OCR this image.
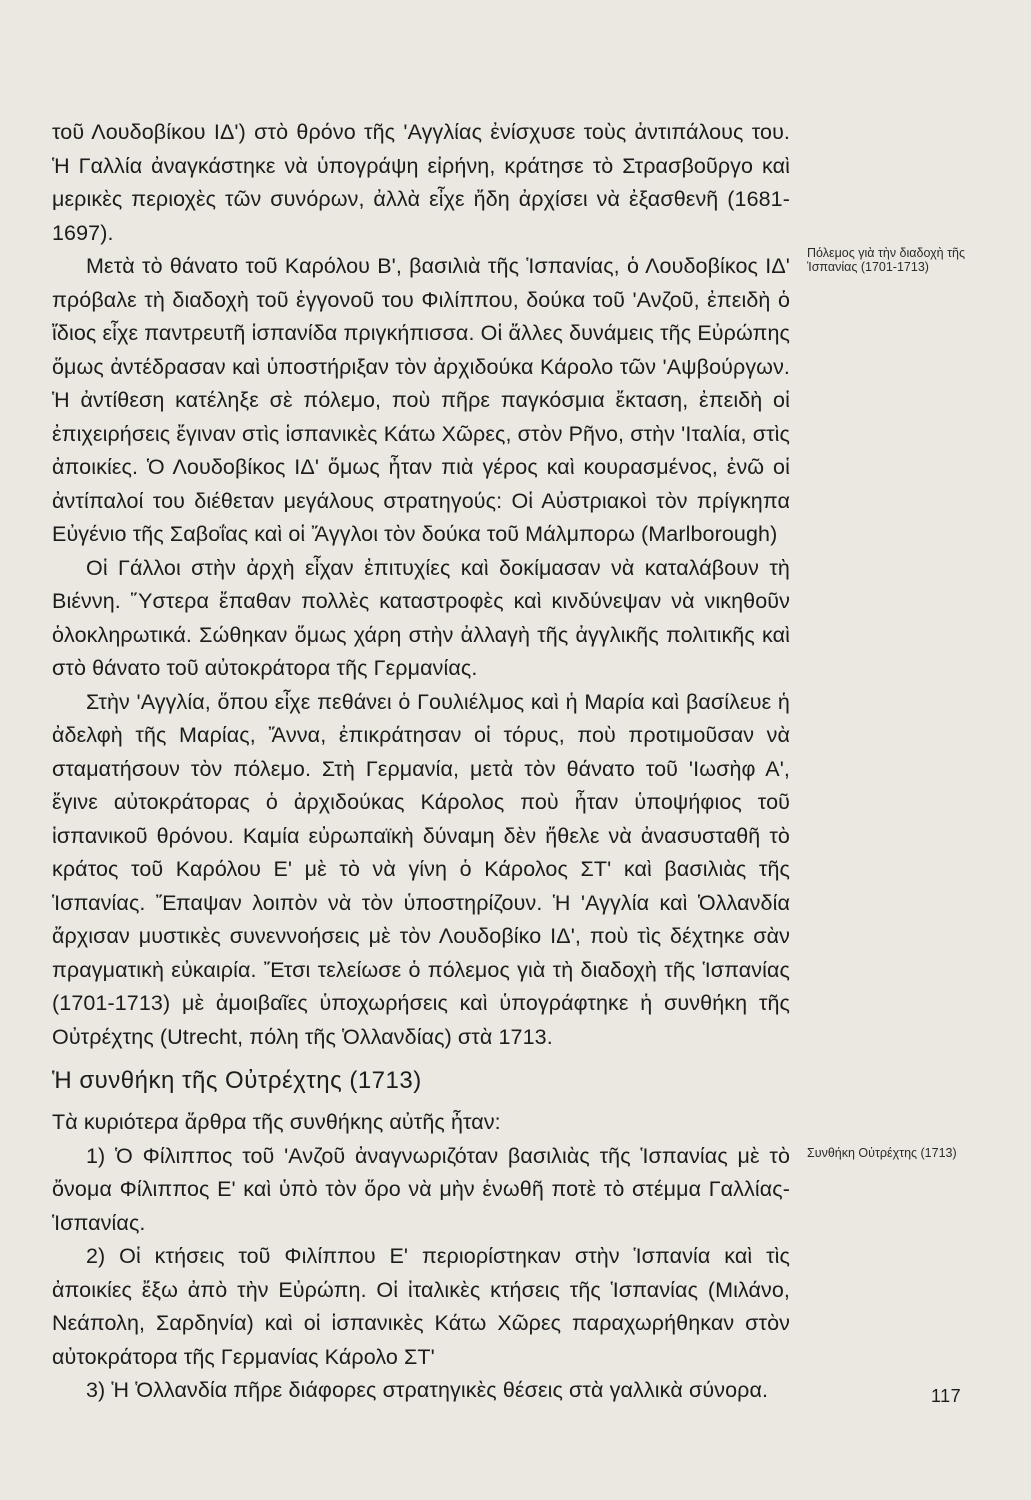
τοῦ Λουδοβίκου ΙΔ') στὸ θρόνο τῆς 'Αγγλίας ἐνίσχυσε τοὺς ἀντιπάλους του. Ἡ Γαλλία ἀναγκάστηκε νὰ ὑπογράψη εἰρήνη, κράτησε τὸ Στρασβοῦργο καὶ μερικὲς περιοχὲς τῶν συνόρων, ἀλλὰ εἶχε ἤδη ἀρχίσει νὰ ἐξασθενῆ (1681-1697).

Μετὰ τὸ θάνατο τοῦ Καρόλου Β', βασιλιὰ τῆς Ἱσπανίας, ὁ Λουδοβίκος ΙΔ' πρόβαλε τὴ διαδοχὴ τοῦ ἐγγονοῦ του Φιλίππου, δούκα τοῦ 'Ανζοῦ, ἐπειδὴ ὁ ἴδιος εἶχε παντρευτῆ ἱσπανίδα πριγκήπισσα. Οἱ ἄλλες δυνάμεις τῆς Εὐρώπης ὅμως ἀντέδρασαν καὶ ὑποστήριξαν τὸν ἀρχιδούκα Κάρολο τῶν 'Αψβούργων. Ἡ ἀντίθεση κατέληξε σὲ πόλεμο, ποὺ πῆρε παγκόσμια ἔκταση, ἐπειδὴ οἱ ἐπιχειρήσεις ἔγιναν στὶς ἱσπανικὲς Κάτω Χῶρες, στὸν Ρῆνο, στὴν 'Ιταλία, στὶς ἀποικίες. Ὁ Λουδοβίκος ΙΔ' ὅμως ἦταν πιὰ γέρος καὶ κουρασμένος, ἐνῶ οἱ ἀντίπαλοί του διέθεταν μεγάλους στρατηγούς: Οἱ Αὐστριακοὶ τὸν πρίγκηπα Εὐγένιο τῆς Σαβοΐας καὶ οἱ Ἄγγλοι τὸν δούκα τοῦ Μάλμπορω (Marlborough)

Οἱ Γάλλοι στὴν ἀρχὴ εἶχαν ἐπιτυχίες καὶ δοκίμασαν νὰ καταλάβουν τὴ Βιέννη. Ὕστερα ἔπαθαν πολλὲς καταστροφὲς καὶ κινδύνεψαν νὰ νικηθοῦν ὁλοκληρωτικά. Σώθηκαν ὅμως χάρη στὴν ἀλλαγὴ τῆς ἀγγλικῆς πολιτικῆς καὶ στὸ θάνατο τοῦ αὐτοκράτορα τῆς Γερμανίας.

Στὴν 'Αγγλία, ὅπου εἶχε πεθάνει ὁ Γουλιέλμος καὶ ἡ Μαρία καὶ βασίλευε ἡ ἀδελφὴ τῆς Μαρίας, Ἄννα, ἐπικράτησαν οἱ τόρυς, ποὺ προτιμοῦσαν νὰ σταματήσουν τὸν πόλεμο. Στὴ Γερμανία, μετὰ τὸν θάνατο τοῦ 'Ιωσὴφ Α', ἔγινε αὐτοκράτορας ὁ ἀρχιδούκας Κάρολος ποὺ ἦταν ὑποψήφιος τοῦ ἱσπανικοῦ θρόνου. Καμία εὐρωπαϊκὴ δύναμη δὲν ἤθελε νὰ ἀνασυσταθῆ τὸ κράτος τοῦ Καρόλου Ε' μὲ τὸ νὰ γίνη ὁ Κάρολος ΣΤ' καὶ βασιλιὰς τῆς Ἱσπανίας. Ἔπαψαν λοιπὸν νὰ τὸν ὑποστηρίζουν. Ἡ 'Αγγλία καὶ Ὁλλανδία ἄρχισαν μυστικὲς συνεννοήσεις μὲ τὸν Λουδοβίκο ΙΔ', ποὺ τὶς δέχτηκε σὰν πραγματικὴ εὐκαιρία. Ἔτσι τελείωσε ὁ πόλεμος γιὰ τὴ διαδοχὴ τῆς Ἱσπανίας (1701-1713) μὲ ἀμοιβαῖες ὑποχωρήσεις καὶ ὑπογράφτηκε ἡ συνθήκη τῆς Οὐτρέχτης (Utrecht, πόλη τῆς Ὁλλανδίας) στὰ 1713.

Ἡ συνθήκη τῆς Οὐτρέχτης (1713)

Τὰ κυριότερα ἄρθρα τῆς συνθήκης αὐτῆς ἦταν:

1) Ὁ Φίλιππος τοῦ 'Ανζοῦ ἀναγνωριζόταν βασιλιὰς τῆς Ἱσπανίας μὲ τὸ ὄνομα Φίλιππος Ε' καὶ ὑπὸ τὸν ὅρο νὰ μὴν ἑνωθῆ ποτὲ τὸ στέμμα Γαλλίας-Ἱσπανίας.

2) Οἱ κτήσεις τοῦ Φιλίππου Ε' περιορίστηκαν στὴν Ἱσπανία καὶ τὶς ἀποικίες ἔξω ἀπὸ τὴν Εὐρώπη. Οἱ ἰταλικὲς κτήσεις τῆς Ἱσπανίας (Μιλάνο, Νεάπολη, Σαρδηνία) καὶ οἱ ἱσπανικὲς Κάτω Χῶρες παραχωρήθηκαν στὸν αὐτοκράτορα τῆς Γερμανίας Κάρολο ΣΤ'

3) Ἡ Ὁλλανδία πῆρε διάφορες στρατηγικὲς θέσεις στὰ γαλλικὰ σύνορα.

Πόλεμος γιὰ τὴν διαδοχὴ τῆς Ἱσπανίας (1701-1713)
Συνθήκη Οὐτρέχτης (1713)
117
